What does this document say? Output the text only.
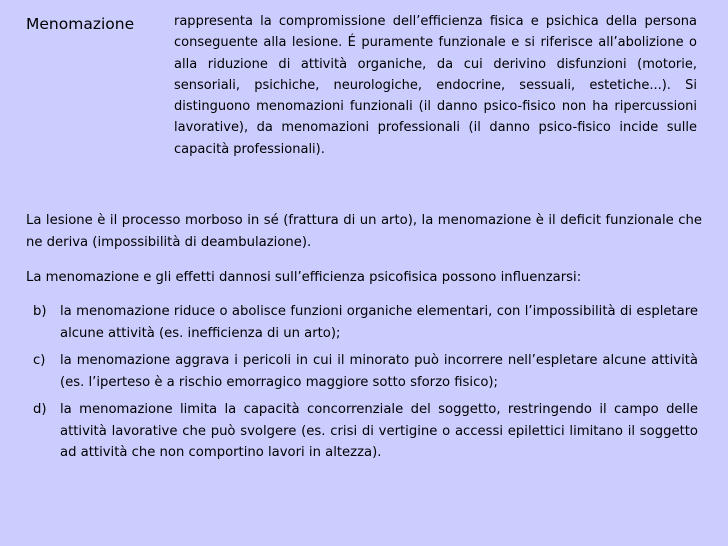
Menomazione	rappresenta la compromissione dell’efficienza fisica e psichica della persona conseguente alla lesione. É puramente funzionale e si riferisce all’abolizione o alla riduzione di attività organiche, da cui derivino disfunzioni (motorie, sensoriali, psichiche, neurologiche, endocrine, sessuali, estetiche...). Si distinguono menomazioni funzionali (il danno psico-fisico non ha ripercussioni lavorative), da menomazioni professionali (il danno psico-fisico incide sulle capacità professionali).
La lesione è il processo morboso in sé (frattura di un arto), la menomazione è il deficit funzionale che ne deriva (impossibilità di deambulazione).
La menomazione e gli effetti dannosi sull’efficienza psicofisica possono influenzarsi:
b) la menomazione riduce o abolisce funzioni organiche elementari, con l’impossibilità di espletare alcune attività (es. inefficienza di un arto);
c) la menomazione aggrava i pericoli in cui il minorato può incorrere nell’espletare alcune attività (es. l’iperteso è a rischio emorragico maggiore sotto sforzo fisico);
d) la menomazione limita la capacità concorrenziale del soggetto, restringendo il campo delle attività lavorative che può svolgere (es. crisi di vertigine o accessi epilettici limitano il soggetto ad attività che non comportino lavori in altezza).
